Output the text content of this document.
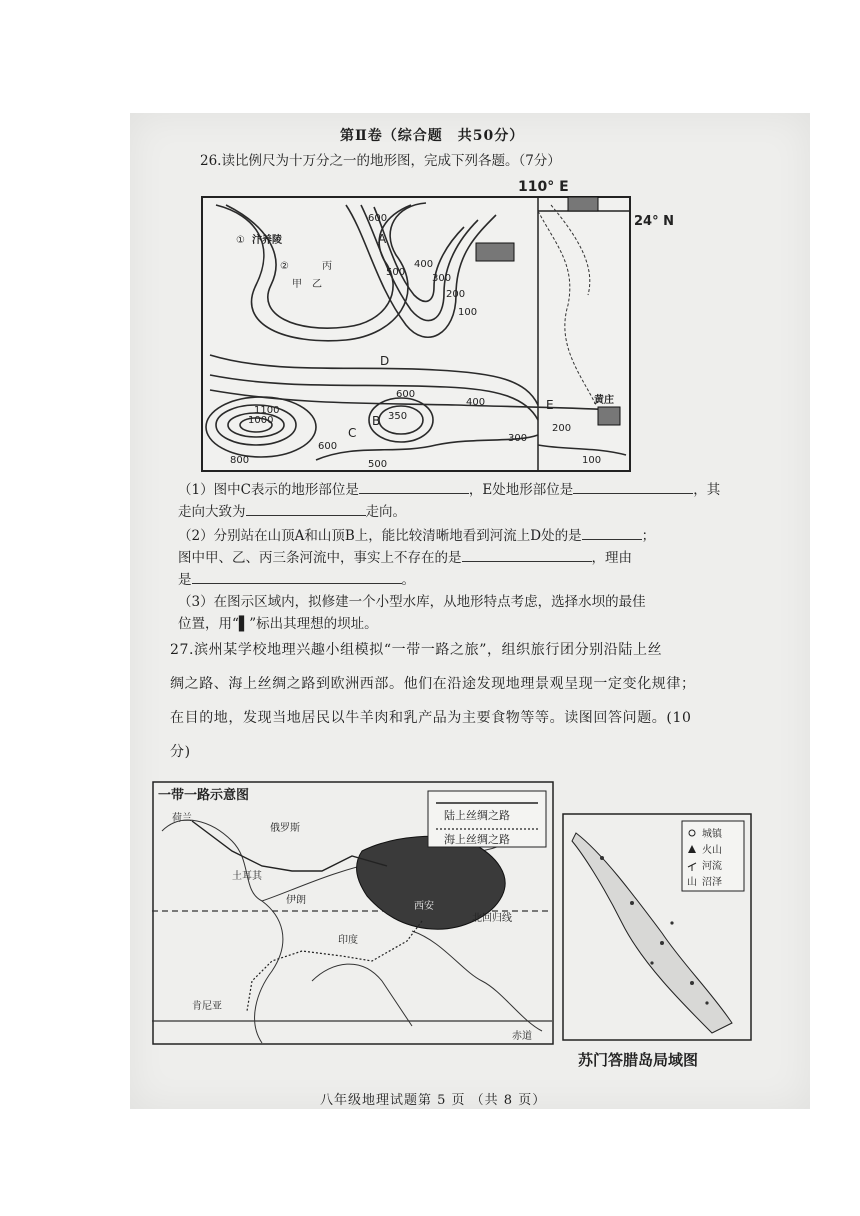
第Ⅱ卷（综合题　共50分）
26.读比例尺为十万分之一的地形图，完成下列各题。（7分）
110° E
24° N
① 汴养陵
②	丙
甲 乙
A
B
C
D
E	黄庄
600
500
400
300
200
100
1000
1100
800
600
500
400
350
600
300
200
100
（1）图中C表示的地形部位是	，E处地形部位是	，其
走向大致为	走向。
（2）分别站在山顶A和山顶B上，能比较清晰地看到河流上D处的是	；
图中甲、乙、丙三条河流中，事实上不存在的是	，理由
是	。
（3）在图示区域内，拟修建一个小型水库，从地形特点考虑，选择水坝的最佳
位置，用“▌”标出其理想的坝址。
27.滨州某学校地理兴趣小组模拟“一带一路之旅”，组织旅行团分别沿陆上丝
绸之路、海上丝绸之路到欧洲西部。他们在沿途发现地理景观呈现一定变化规律；
在目的地，发现当地居民以牛羊肉和乳产品为主要食物等等。读图回答问题。(10
分)
陆上丝绸之路
海上丝绸之路
一带一路示意图
荷兰
俄罗斯
土耳其
伊朗
西安
印度
北回归线
肯尼亚
赤道
城镇
火山
河流
沼泽
山
苏门答腊岛局域图
八年级地理试题第 5 页 （共 8 页）
